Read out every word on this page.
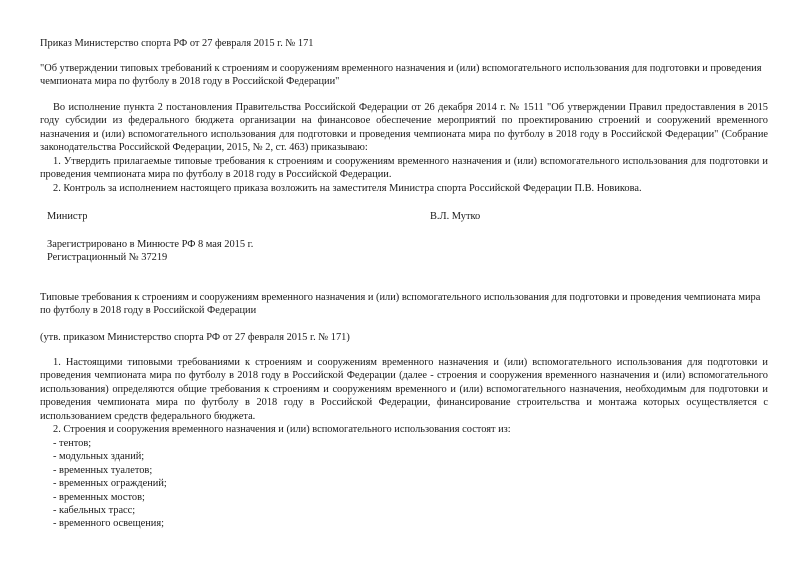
Приказ Министерство спорта РФ от 27 февраля 2015 г. № 171

"Об утверждении типовых требований к строениям и сооружениям временного назначения и (или) вспомогательного использования для подготовки и проведения чемпионата мира по футболу в 2018 году в Российской Федерации"

Во исполнение пункта 2 постановления Правительства Российской Федерации от 26 декабря 2014 г. № 1511 "Об утверждении Правил предоставления в 2015 году субсидии из федерального бюджета организации на финансовое обеспечение мероприятий по проектированию строений и сооружений временного назначения и (или) вспомогательного использования для подготовки и проведения чемпионата мира по футболу в 2018 году в Российской Федерации" (Собрание законодательства Российской Федерации, 2015, № 2, ст. 463) приказываю:

1. Утвердить прилагаемые типовые требования к строениям и сооружениям временного назначения и (или) вспомогательного использования для подготовки и проведения чемпионата мира по футболу в 2018 году в Российской Федерации.

2. Контроль за исполнением настоящего приказа возложить на заместителя Министра спорта Российской Федерации П.В. Новикова.

Министр	В.Л. Мутко
Зарегистрировано в Минюсте РФ 8 мая 2015 г.
Регистрационный № 37219

Типовые требования к строениям и сооружениям временного назначения и (или) вспомогательного использования для подготовки и проведения чемпионата мира по футболу в 2018 году в Российской Федерации

(утв. приказом Министерство спорта РФ от 27 февраля 2015 г. № 171)

1. Настоящими типовыми требованиями к строениям и сооружениям временного назначения и (или) вспомогательного использования для подготовки и проведения чемпионата мира по футболу в 2018 году в Российской Федерации (далее - строения и сооружения временного назначения и (или) вспомогательного использования) определяются общие требования к строениям и сооружениям временного и (или) вспомогательного назначения, необходимым для подготовки и проведения чемпионата мира по футболу в 2018 году в Российской Федерации, финансирование строительства и монтажа которых осуществляется с использованием средств федерального бюджета.

2. Строения и сооружения временного назначения и (или) вспомогательного использования состоят из:

- тентов;
- модульных зданий;
- временных туалетов;
- временных ограждений;
- временных мостов;
- кабельных трасс;
- временного освещения;
